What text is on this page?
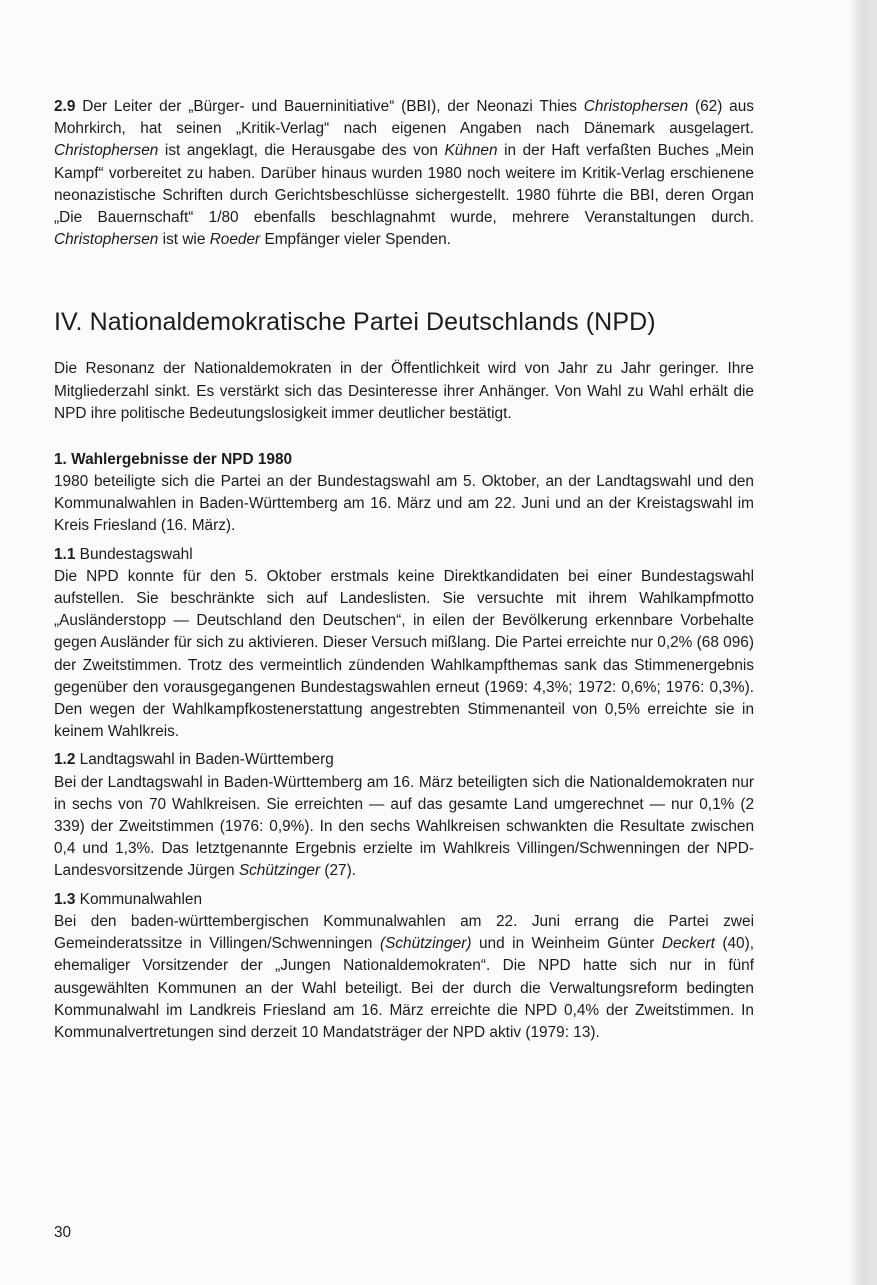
2.9 Der Leiter der „Bürger- und Bauerninitiative“ (BBI), der Neonazi Thies Christophersen (62) aus Mohrkirch, hat seinen „Kritik-Verlag“ nach eigenen Angaben nach Dänemark ausgelagert. Christophersen ist angeklagt, die Herausgabe des von Kühnen in der Haft verfaßten Buches „Mein Kampf“ vorbereitet zu haben. Darüber hinaus wurden 1980 noch weitere im Kritik-Verlag erschienene neonazistische Schriften durch Gerichtsbeschlüsse sichergestellt. 1980 führte die BBI, deren Organ „Die Bauernschaft“ 1/80 ebenfalls beschlagnahmt wurde, mehrere Veranstaltungen durch. Christophersen ist wie Roeder Empfänger vieler Spenden.

IV. Nationaldemokratische Partei Deutschlands (NPD)

Die Resonanz der Nationaldemokraten in der Öffentlichkeit wird von Jahr zu Jahr geringer. Ihre Mitgliederzahl sinkt. Es verstärkt sich das Desinteresse ihrer Anhänger. Von Wahl zu Wahl erhält die NPD ihre politische Bedeutungslosigkeit immer deutlicher bestätigt.

1. Wahlergebnisse der NPD 1980

1980 beteiligte sich die Partei an der Bundestagswahl am 5. Oktober, an der Landtagswahl und den Kommunalwahlen in Baden-Württemberg am 16. März und am 22. Juni und an der Kreistagswahl im Kreis Friesland (16. März).

1.1 Bundestagswahl

Die NPD konnte für den 5. Oktober erstmals keine Direktkandidaten bei einer Bundestagswahl aufstellen. Sie beschränkte sich auf Landeslisten. Sie versuchte mit ihrem Wahlkampfmotto „Ausländerstopp — Deutschland den Deutschen“, in eilen der Bevölkerung erkennbare Vorbehalte gegen Ausländer für sich zu aktivieren. Dieser Versuch mißlang. Die Partei erreichte nur 0,2% (68 096) der Zweitstimmen. Trotz des vermeintlich zündenden Wahlkampfthemas sank das Stimmenergebnis gegenüber den vorausgegangenen Bundestagswahlen erneut (1969: 4,3%; 1972: 0,6%; 1976: 0,3%). Den wegen der Wahlkampfkostenerstattung angestrebten Stimmenanteil von 0,5% erreichte sie in keinem Wahlkreis.

1.2 Landtagswahl in Baden-Württemberg

Bei der Landtagswahl in Baden-Württemberg am 16. März beteiligten sich die Nationaldemokraten nur in sechs von 70 Wahlkreisen. Sie erreichten — auf das gesamte Land umgerechnet — nur 0,1% (2 339) der Zweitstimmen (1976: 0,9%). In den sechs Wahlkreisen schwankten die Resultate zwischen 0,4 und 1,3%. Das letztgenannte Ergebnis erzielte im Wahlkreis Villingen/Schwenningen der NPD-Landesvorsitzende Jürgen Schützinger (27).

1.3 Kommunalwahlen

Bei den baden-württembergischen Kommunalwahlen am 22. Juni errang die Partei zwei Gemeinderatssitze in Villingen/Schwenningen (Schützinger) und in Weinheim Günter Deckert (40), ehemaliger Vorsitzender der „Jungen Nationaldemokraten“. Die NPD hatte sich nur in fünf ausgewählten Kommunen an der Wahl beteiligt. Bei der durch die Verwaltungsreform bedingten Kommunalwahl im Landkreis Friesland am 16. März erreichte die NPD 0,4% der Zweitstimmen. In Kommunalvertretungen sind derzeit 10 Mandatsträger der NPD aktiv (1979: 13).

30
